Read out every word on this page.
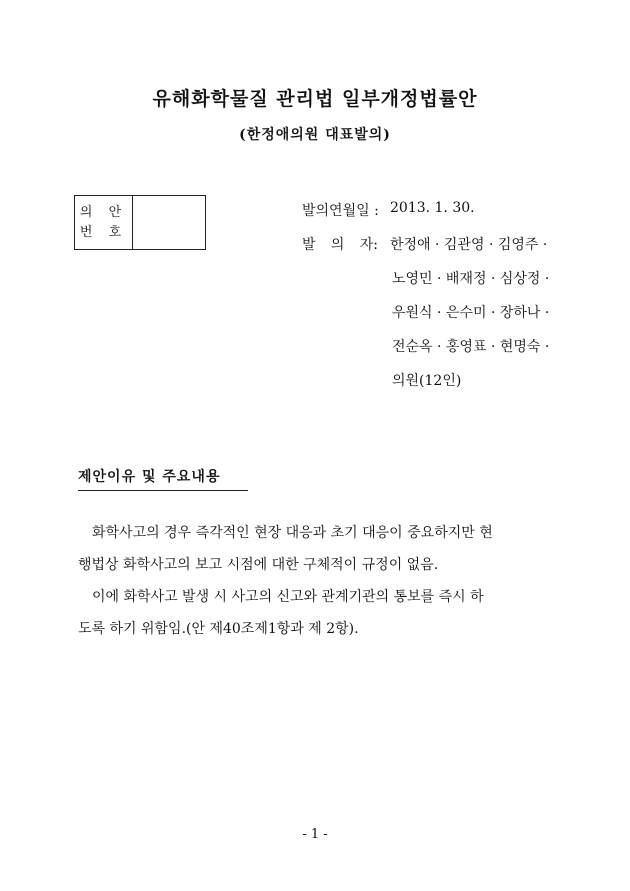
유해화학물질 관리법 일부개정법률안
(한정애의원 대표발의)
의 안
번 호
발의연월일 : 2013. 1. 30.
발 의 자: 한정애 · 김관영 · 김영주 ·
노영민 · 배재정 · 심상정 ·
우원식 · 은수미 · 장하나 ·
전순옥 · 홍영표 · 현명숙 ·
의원(12인)
제안이유 및 주요내용

화학사고의 경우 즉각적인 현장 대응과 초기 대응이 중요하지만 현

행법상 화학사고의 보고 시점에 대한 구체적이 규정이 없음.

이에 화학사고 발생 시 사고의 신고와 관계기관의 통보를 즉시 하

도록 하기 위함임.(안 제40조제1항과 제 2항).

- 1 -
